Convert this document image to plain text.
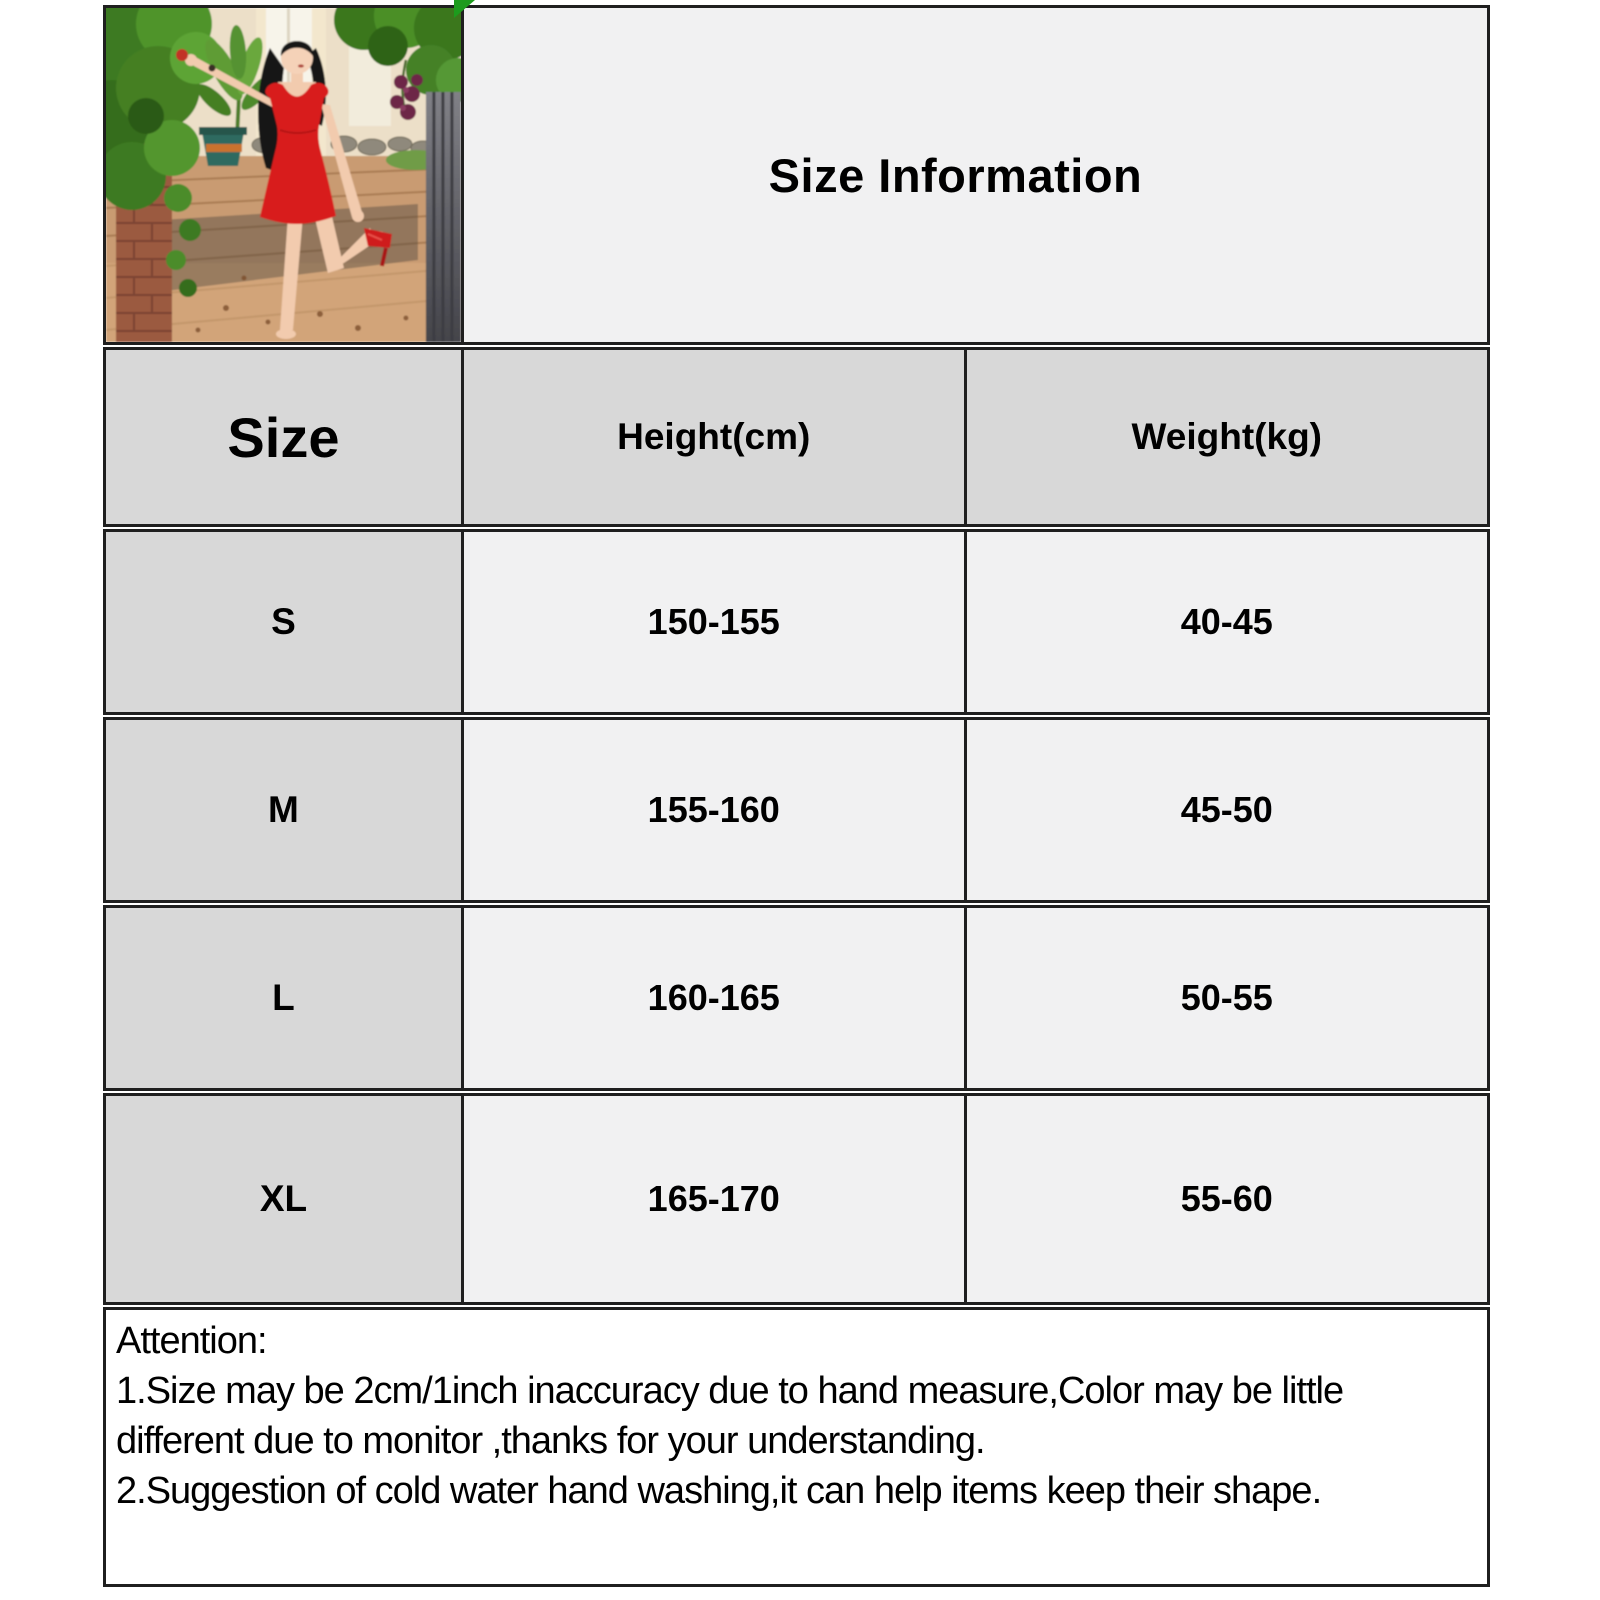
Size Information
Size	Height(cm)	Weight(kg)
S	150-155	40-45
M	155-160	45-50
L	160-165	50-55
XL	165-170	55-60

Attention:

1.Size may be 2cm/1inch inaccuracy due to hand measure,Color may be little different due to monitor ,thanks for your understanding.

2.Suggestion of cold water hand washing,it can help items keep their shape.
